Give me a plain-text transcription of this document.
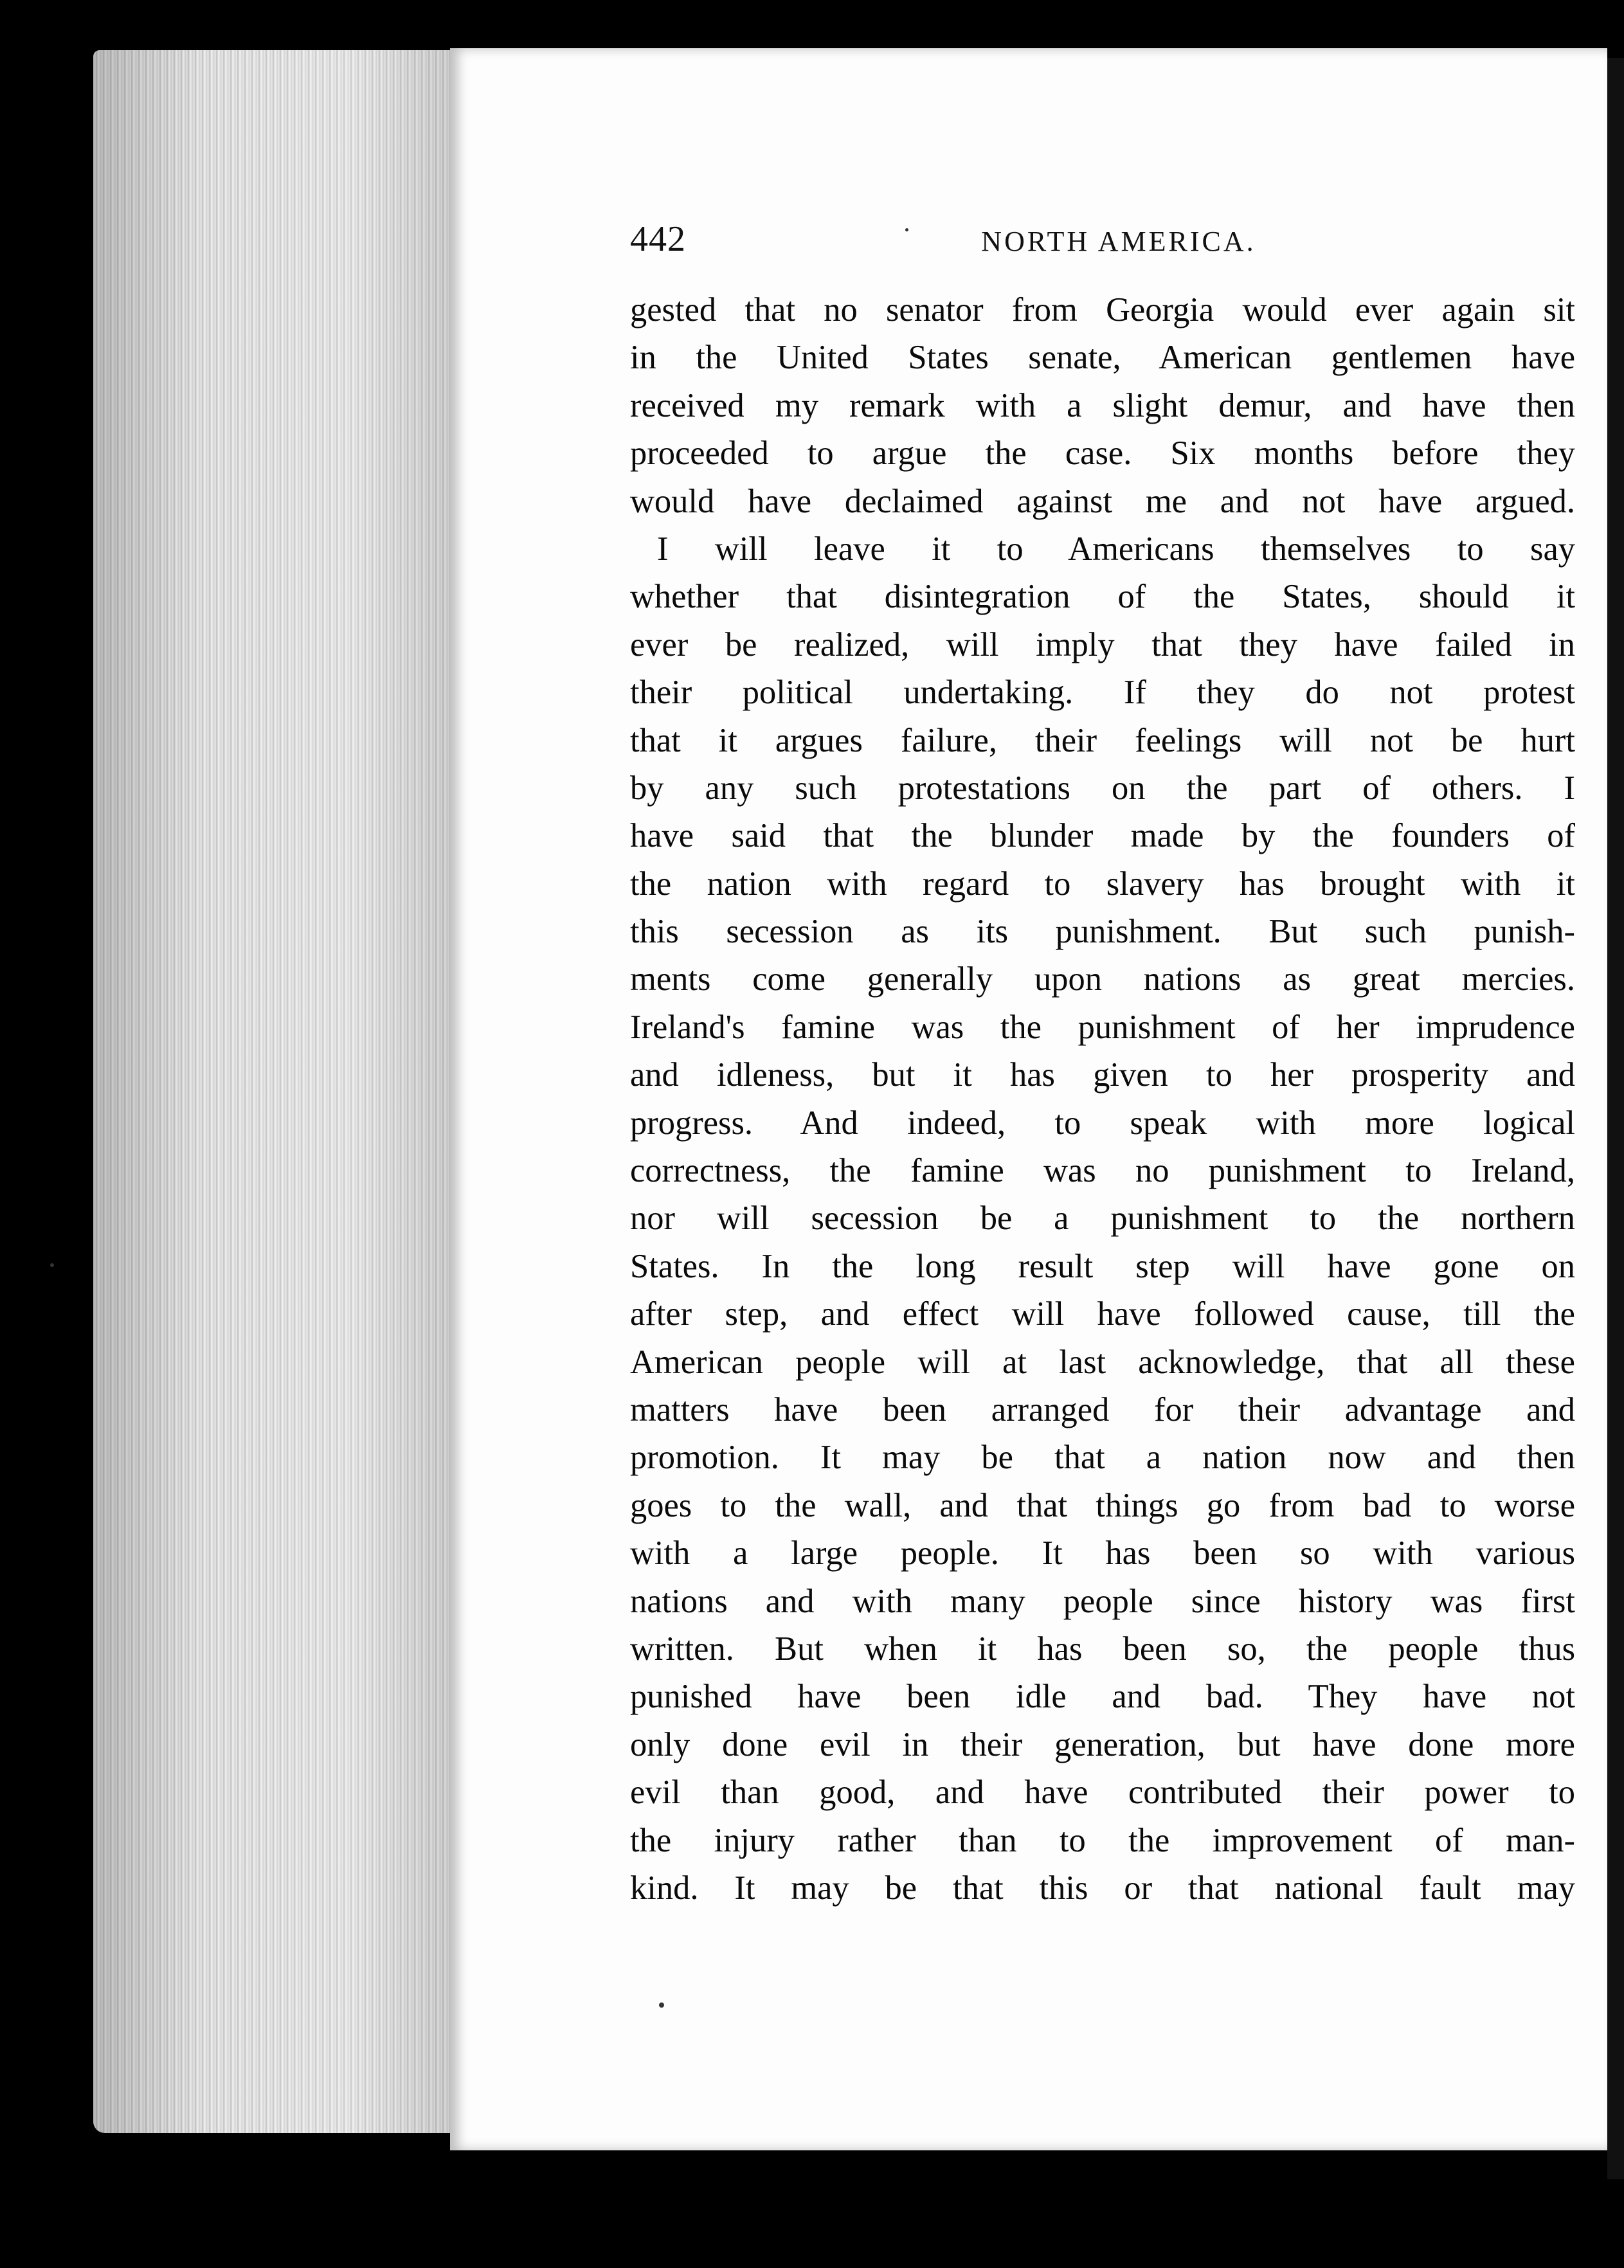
442	NORTH AMERICA.
gested that no senator from Georgia would ever again sit
in the United States senate, American gentlemen have
received my remark with a slight demur, and have then
proceeded to argue the case. Six months before they
would have declaimed against me and not have argued.
I will leave it to Americans themselves to say
whether that disintegration of the States, should it
ever be realized, will imply that they have failed in
their political undertaking. If they do not protest
that it argues failure, their feelings will not be hurt
by any such protestations on the part of others. I
have said that the blunder made by the founders of
the nation with regard to slavery has brought with it
this secession as its punishment. But such punish-
ments come generally upon nations as great mercies.
Ireland's famine was the punishment of her imprudence
and idleness, but it has given to her prosperity and
progress. And indeed, to speak with more logical
correctness, the famine was no punishment to Ireland,
nor will secession be a punishment to the northern
States. In the long result step will have gone on
after step, and effect will have followed cause, till the
American people will at last acknowledge, that all these
matters have been arranged for their advantage and
promotion. It may be that a nation now and then
goes to the wall, and that things go from bad to worse
with a large people. It has been so with various
nations and with many people since history was first
written. But when it has been so, the people thus
punished have been idle and bad. They have not
only done evil in their generation, but have done more
evil than good, and have contributed their power to
the injury rather than to the improvement of man-
kind. It may be that this or that national fault may
